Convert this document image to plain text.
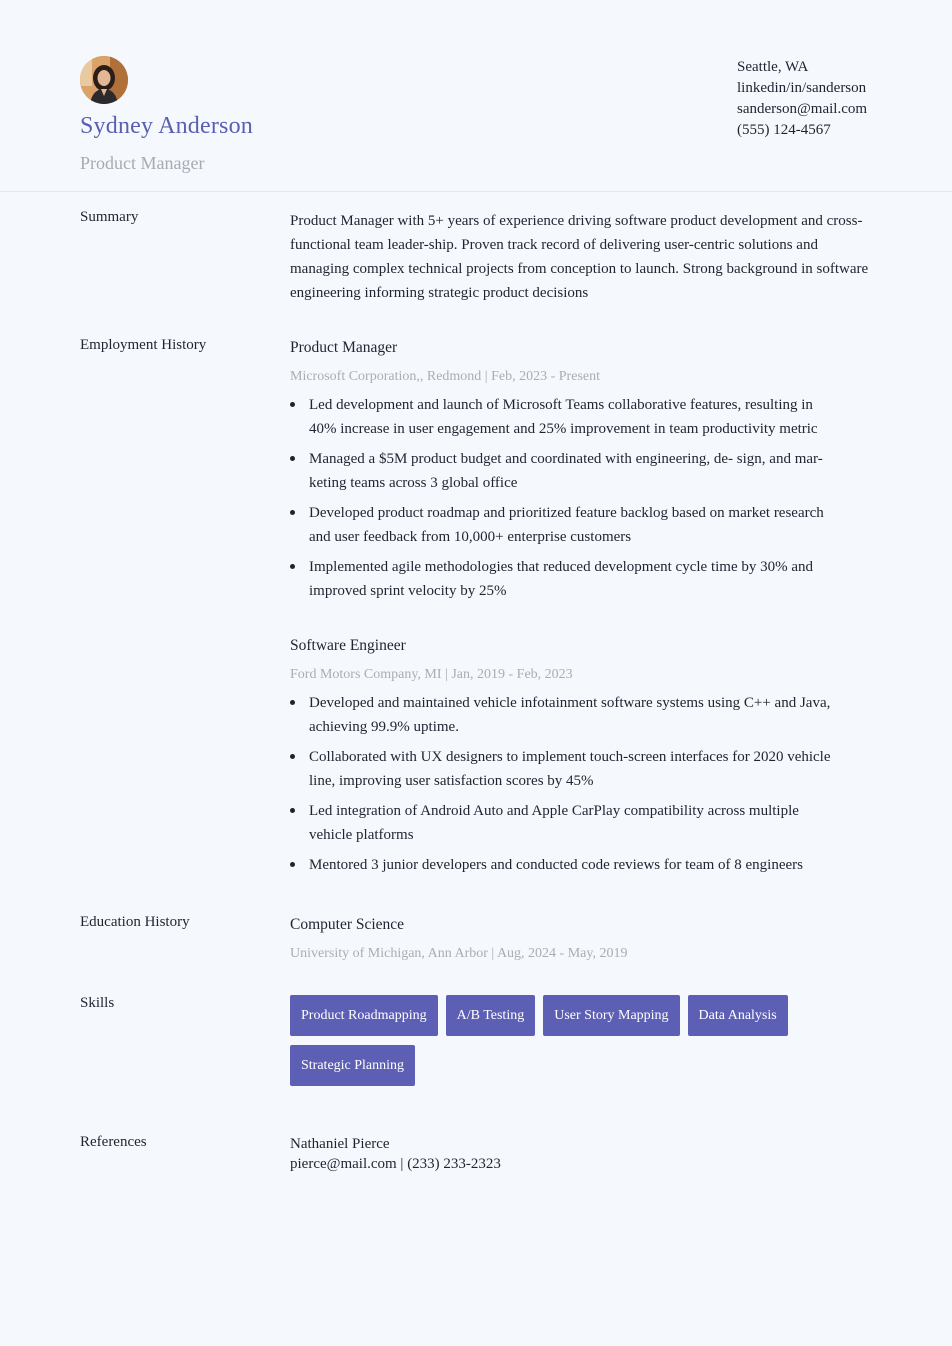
Sydney Anderson

Product Manager

Seattle, WA
linkedin/in/sanderson
sanderson@mail.com
(555) 124-4567
Summary	Product Manager with 5+ years of experience driving software product development and cross-functional team leader-ship. Proven track record of delivering user-centric solutions and managing complex technical projects from conception to launch. Strong background in software engineering informing strategic product decisions
Employment History	Product Manager

Microsoft Corporation,, Redmond | Feb, 2023 - Present
Led development and launch of Microsoft Teams collaborative features, resulting in 40% increase in user engagement and 25% improvement in team productivity metric
Managed a $5M product budget and coordinated with engineering, de- sign, and mar- keting teams across 3 global office
Developed product roadmap and prioritized feature backlog based on market research and user feedback from 10,000+ enterprise customers
Implemented agile methodologies that reduced development cycle time by 30% and improved sprint velocity by 25%

Software Engineer

Ford Motors Company, MI | Jan, 2019 - Feb, 2023
Developed and maintained vehicle infotainment software systems using C++ and Java, achieving 99.9% uptime.
Collaborated with UX designers to implement touch-screen interfaces for 2020 vehicle line, improving user satisfaction scores by 45%
Led integration of Android Auto and Apple CarPlay compatibility across multiple vehicle platforms
Mentored 3 junior developers and conducted code reviews for team of 8 engineers
Education History	Computer Science

University of Michigan, Ann Arbor | Aug, 2024 - May, 2019
Skills
Product Roadmapping	A/B Testing	User Story Mapping	Data Analysis
Strategic Planning
References	Nathaniel Pierce
pierce@mail.com | (233) 233-2323
